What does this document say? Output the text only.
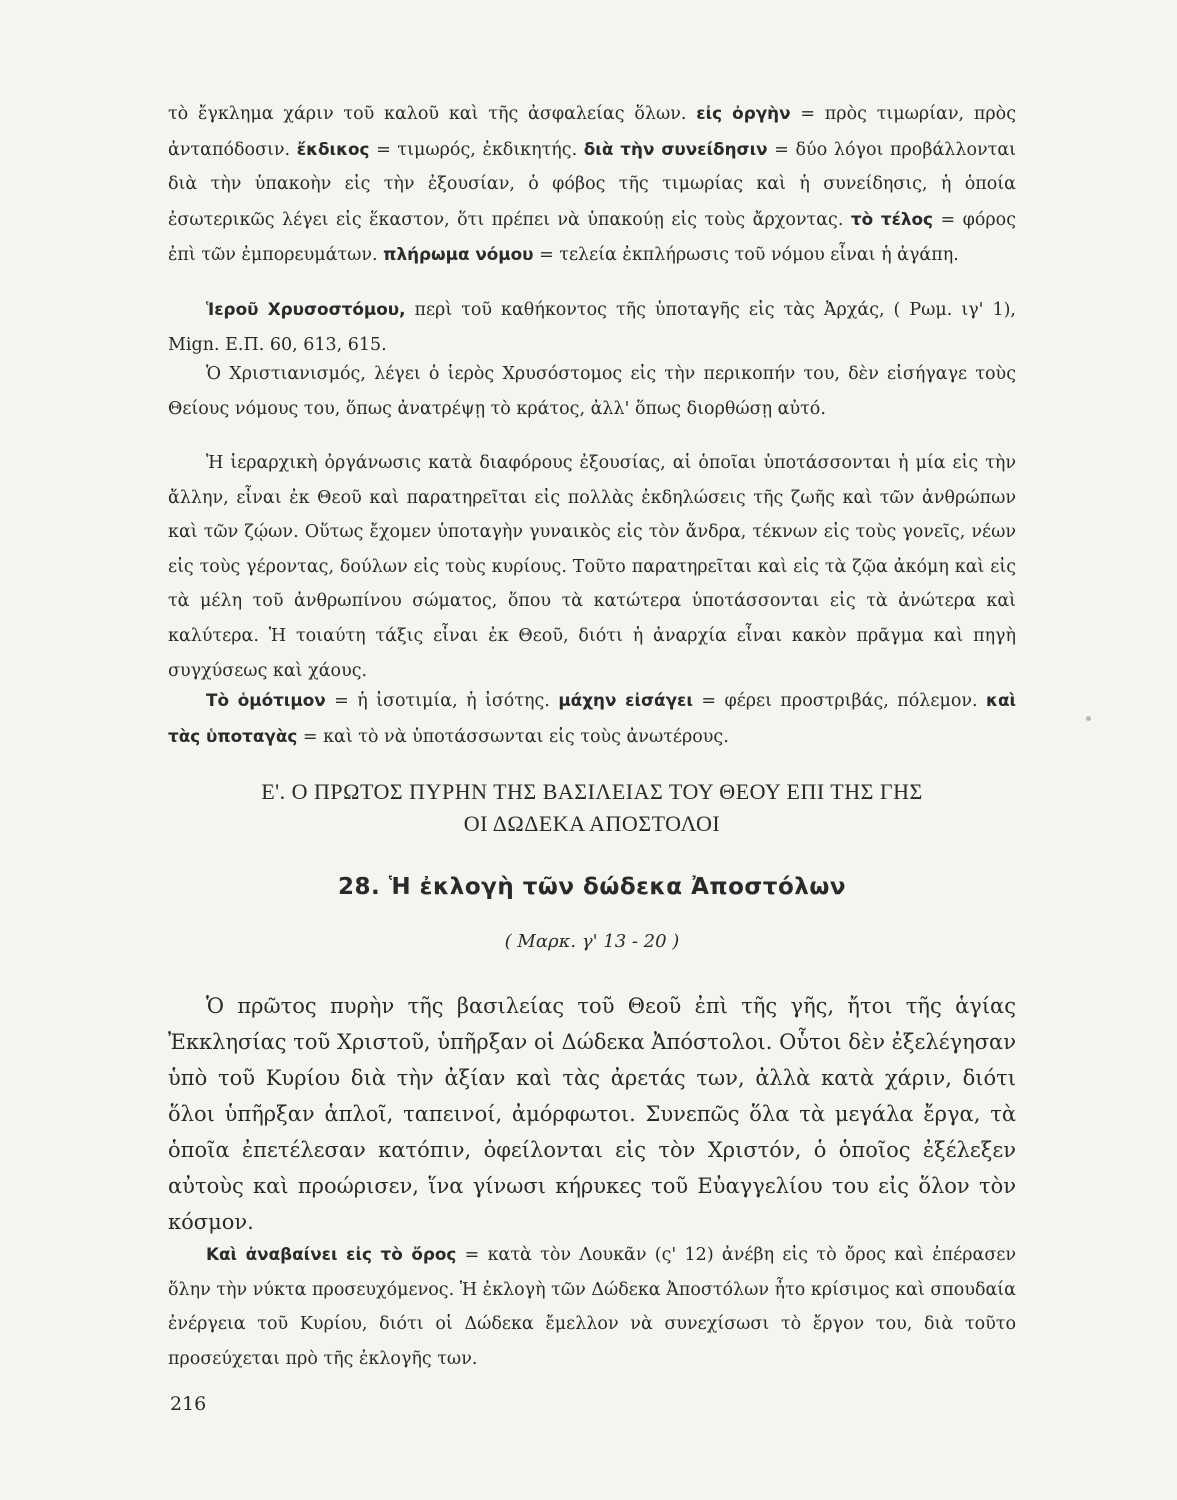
τὸ ἔγκλημα χάριν τοῦ καλοῦ καὶ τῆς ἀσφαλείας ὅλων. εἰς ὀργὴν = πρὸς τιμωρίαν, πρὸς ἀνταπόδοσιν. ἔκδικος = τιμωρός, ἐκδικητής. διὰ τὴν συνείδησιν = δύο λόγοι προβάλλονται διὰ τὴν ὑπακοὴν εἰς τὴν ἐξουσίαν, ὁ φόβος τῆς τιμωρίας καὶ ἡ συνείδησις, ἡ ὁποία ἐσωτερικῶς λέγει εἰς ἕκαστον, ὅτι πρέπει νὰ ὑπακούῃ εἰς τοὺς ἄρχοντας. τὸ τέλος = φόρος ἐπὶ τῶν ἐμπορευμάτων. πλήρωμα νόμου = τελεία ἐκπλήρωσις τοῦ νόμου εἶναι ἡ ἀγάπη.
Ἱεροῦ Χρυσοστόμου, περὶ τοῦ καθήκοντος τῆς ὑποταγῆς εἰς τὰς Ἀρχάς, ( Ρωμ. ιγ' 1), Mign. Ε.Π. 60, 613, 615.
Ὁ Χριστιανισμός, λέγει ὁ ἱερὸς Χρυσόστομος εἰς τὴν περικοπήν του, δὲν εἰσήγαγε τοὺς Θείους νόμους του, ὅπως ἀνατρέψῃ τὸ κράτος, ἀλλ' ὅπως διορθώσῃ αὐτό.
Ἡ ἱεραρχικὴ ὀργάνωσις κατὰ διαφόρους ἐξουσίας, αἱ ὁποῖαι ὑποτάσσονται ἡ μία εἰς τὴν ἄλλην, εἶναι ἐκ Θεοῦ καὶ παρατηρεῖται εἰς πολλὰς ἐκδηλώσεις τῆς ζωῆς καὶ τῶν ἀνθρώπων καὶ τῶν ζῴων. Οὕτως ἔχομεν ὑποταγὴν γυναικὸς εἰς τὸν ἄνδρα, τέκνων εἰς τοὺς γονεῖς, νέων εἰς τοὺς γέροντας, δούλων εἰς τοὺς κυρίους. Τοῦτο παρατηρεῖται καὶ εἰς τὰ ζῷα ἀκόμη καὶ εἰς τὰ μέλη τοῦ ἀνθρωπίνου σώματος, ὅπου τὰ κατώτερα ὑποτάσσονται εἰς τὰ ἀνώτερα καὶ καλύτερα. Ἡ τοιαύτη τάξις εἶναι ἐκ Θεοῦ, διότι ἡ ἀναρχία εἶναι κακὸν πρᾶγμα καὶ πηγὴ συγχύσεως καὶ χάους.
Τὸ ὁμότιμον = ἡ ἰσοτιμία, ἡ ἰσότης. μάχην εἰσάγει = φέρει προστριβάς, πόλεμον. καὶ τὰς ὑποταγὰς = καὶ τὸ νὰ ὑποτάσσωνται εἰς τοὺς ἀνωτέρους.
Ε'. Ο ΠΡΩΤΟΣ ΠΥΡΗΝ ΤΗΣ ΒΑΣΙΛΕΙΑΣ ΤΟΥ ΘΕΟΥ ΕΠΙ ΤΗΣ ΓΗΣ
ΟΙ ΔΩΔΕΚΑ ΑΠΟΣΤΟΛΟΙ
28. Ἡ ἐκλογὴ τῶν δώδεκα Ἀποστόλων
( Μαρκ. γ' 13 - 20 )
Ὁ πρῶτος πυρὴν τῆς βασιλείας τοῦ Θεοῦ ἐπὶ τῆς γῆς, ἤτοι τῆς ἁγίας Ἐκκλησίας τοῦ Χριστοῦ, ὑπῆρξαν οἱ Δώδεκα Ἀπόστολοι. Οὗτοι δὲν ἐξελέγησαν ὑπὸ τοῦ Κυρίου διὰ τὴν ἀξίαν καὶ τὰς ἀρετάς των, ἀλλὰ κατὰ χάριν, διότι ὅλοι ὑπῆρξαν ἁπλοῖ, ταπεινοί, ἀμόρφωτοι. Συνεπῶς ὅλα τὰ μεγάλα ἔργα, τὰ ὁποῖα ἐπετέλεσαν κατόπιν, ὀφείλονται εἰς τὸν Χριστόν, ὁ ὁποῖος ἐξέλεξεν αὐτοὺς καὶ προώρισεν, ἵνα γίνωσι κήρυκες τοῦ Εὐαγγελίου του εἰς ὅλον τὸν κόσμον.
Καὶ ἀναβαίνει εἰς τὸ ὄρος = κατὰ τὸν Λουκᾶν (ς' 12) ἀνέβη εἰς τὸ ὄρος καὶ ἐπέρασεν ὅλην τὴν νύκτα προσευχόμενος. Ἡ ἐκλογὴ τῶν Δώδεκα Ἀποστόλων ἦτο κρίσιμος καὶ σπουδαία ἐνέργεια τοῦ Κυρίου, διότι οἱ Δώδεκα ἔμελλον νὰ συνεχίσωσι τὸ ἔργον του, διὰ τοῦτο προσεύχεται πρὸ τῆς ἐκλογῆς των.
216
